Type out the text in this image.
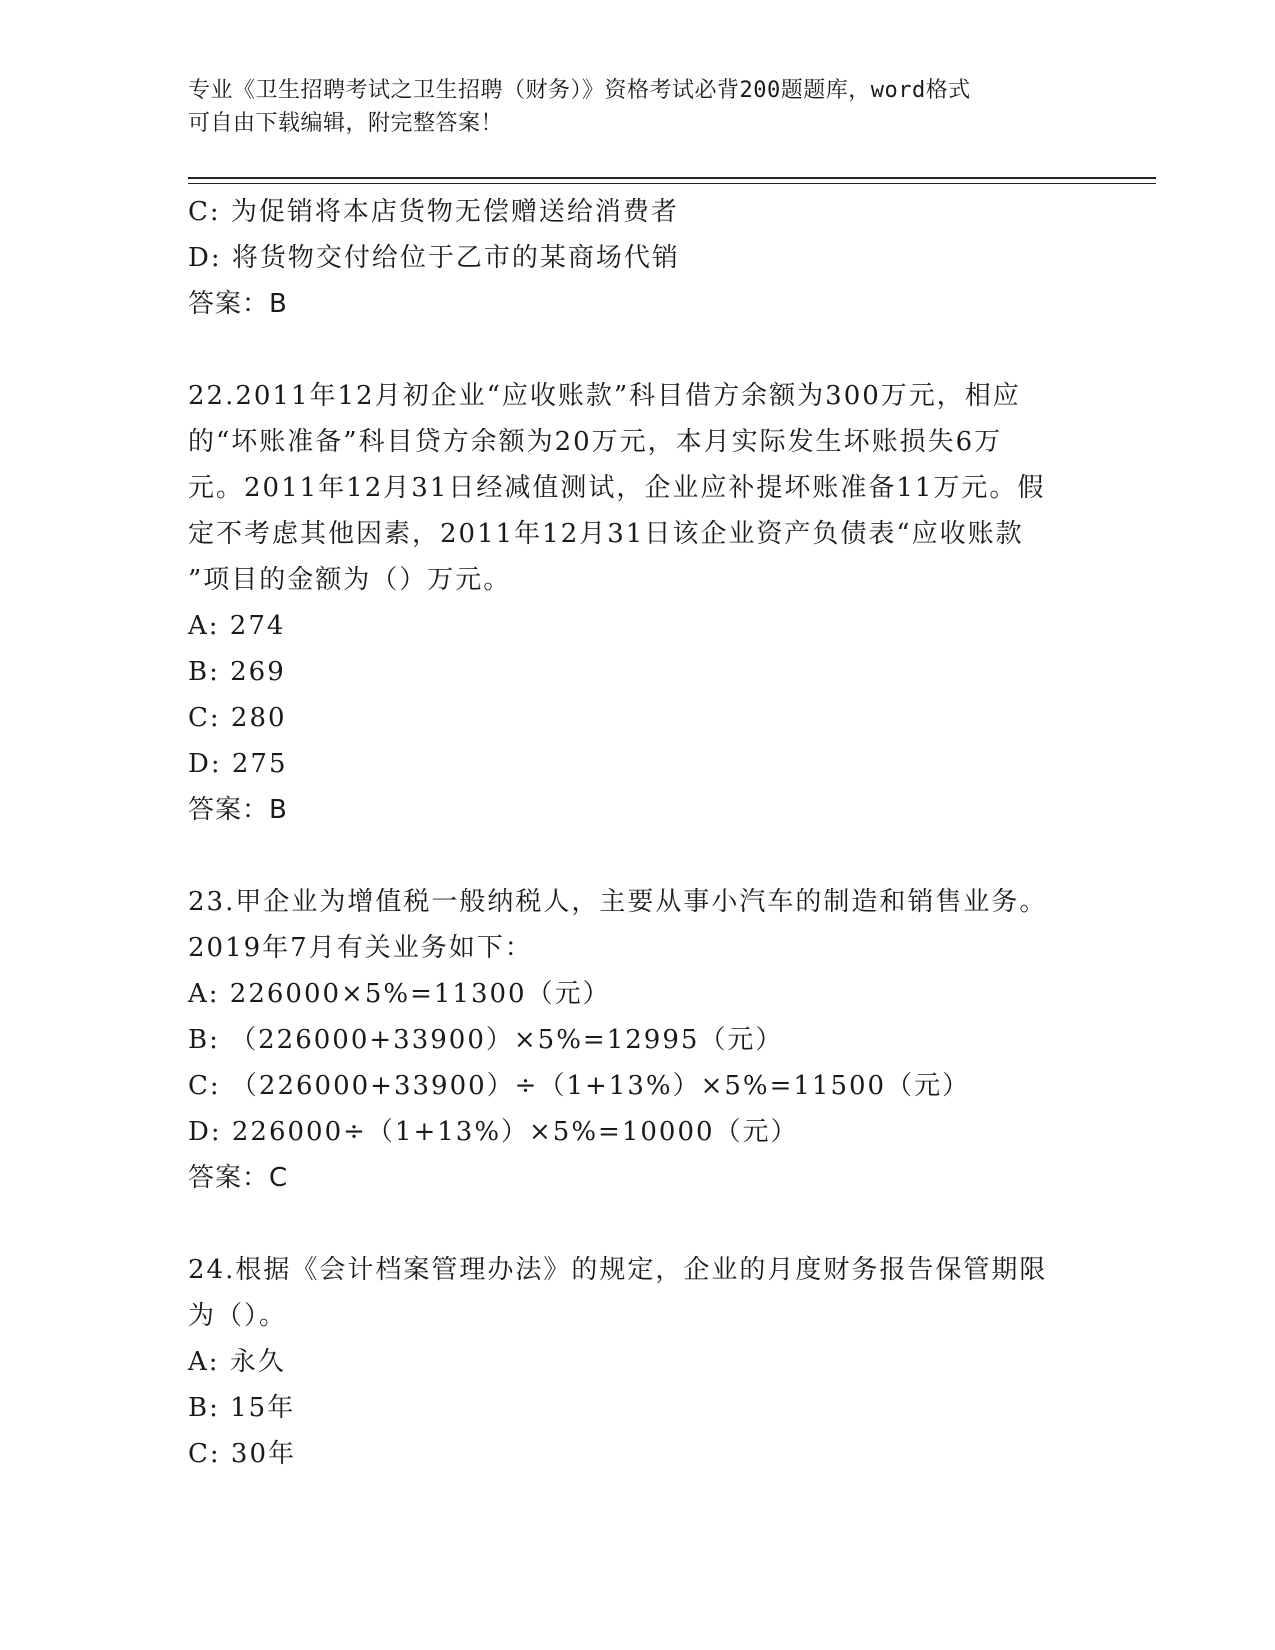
专业《卫生招聘考试之卫生招聘（财务）》资格考试必背200题题库，word格式
可自由下载编辑，附完整答案！
C: 为促销将本店货物无偿赠送给消费者
D: 将货物交付给位于乙市的某商场代销
答案：B
22.2011年12月初企业“应收账款”科目借方余额为300万元，相应
的“坏账准备”科目贷方余额为20万元，本月实际发生坏账损失6万
元。2011年12月31日经减值测试，企业应补提坏账准备11万元。假
定不考虑其他因素，2011年12月31日该企业资产负债表“应收账款
”项目的金额为（）万元。
A: 274
B: 269
C: 280
D: 275
答案：B
23.甲企业为增值税一般纳税人，主要从事小汽车的制造和销售业务。
2019年7月有关业务如下：
A: 226000×5%=11300（元）
B: （226000+33900）×5%=12995（元）
C: （226000+33900）÷（1+13%）×5%=11500（元）
D: 226000÷（1+13%）×5%=10000（元）
答案：C
24.根据《会计档案管理办法》的规定，企业的月度财务报告保管期限
为（）。
A: 永久
B: 15年
C: 30年
